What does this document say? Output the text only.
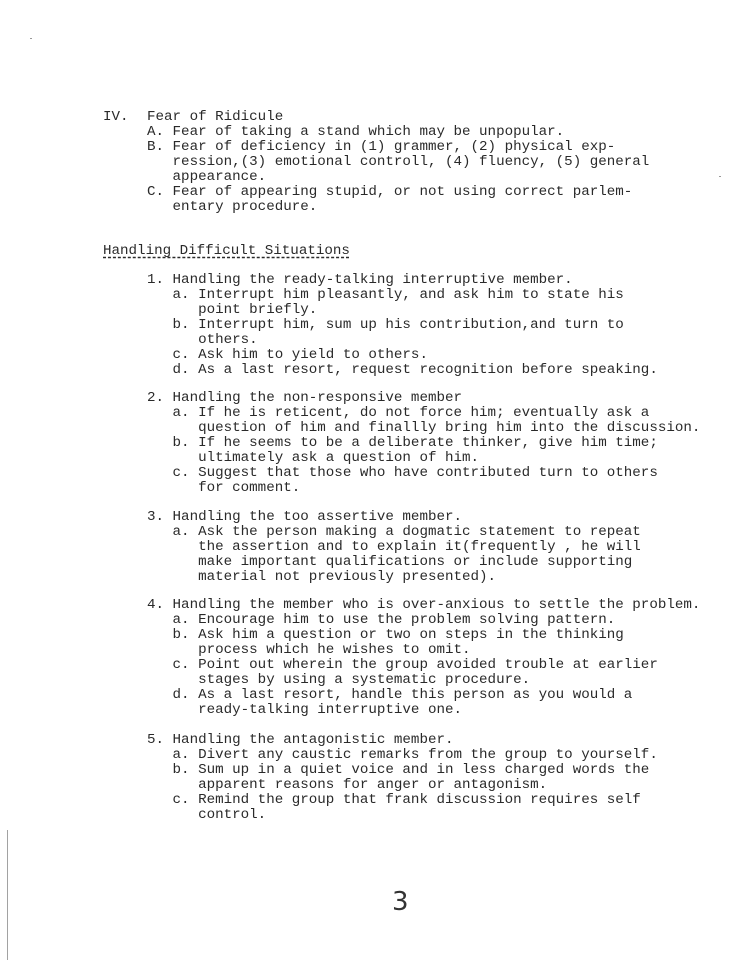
IV. Fear of Ridicule
A. Fear of taking a stand which may be unpopular.
B. Fear of deficiency in (1) grammer, (2) physical exp-
ression,(3) emotional controll, (4) fluency, (5) general
appearance.
C. Fear of appearing stupid, or not using correct parlem-
entary procedure.
Handling Difficult Situations
1. Handling the ready-talking interruptive member.
a. Interrupt him pleasantly, and ask him to state his
point briefly.
b. Interrupt him, sum up his contribution,and turn to
others.
c. Ask him to yield to others.
d. As a last resort, request recognition before speaking.
2. Handling the non-responsive member
a. If he is reticent, do not force him; eventually ask a
question of him and finallly bring him into the discussion.
b. If he seems to be a deliberate thinker, give him time;
ultimately ask a question of him.
c. Suggest that those who have contributed turn to others
for comment.
3. Handling the too assertive member.
a. Ask the person making a dogmatic statement to repeat
the assertion and to explain it(frequently , he will
make important qualifications or include supporting
material not previously presented).
4. Handling the member who is over-anxious to settle the problem.
a. Encourage him to use the problem solving pattern.
b. Ask him a question or two on steps in the thinking
process which he wishes to omit.
c. Point out wherein the group avoided trouble at earlier
stages by using a systematic procedure.
d. As a last resort, handle this person as you would a
ready-talking interruptive one.
5. Handling the antagonistic member.
a. Divert any caustic remarks from the group to yourself.
b. Sum up in a quiet voice and in less charged words the
apparent reasons for anger or antagonism.
c. Remind the group that frank discussion requires self
control.
3
